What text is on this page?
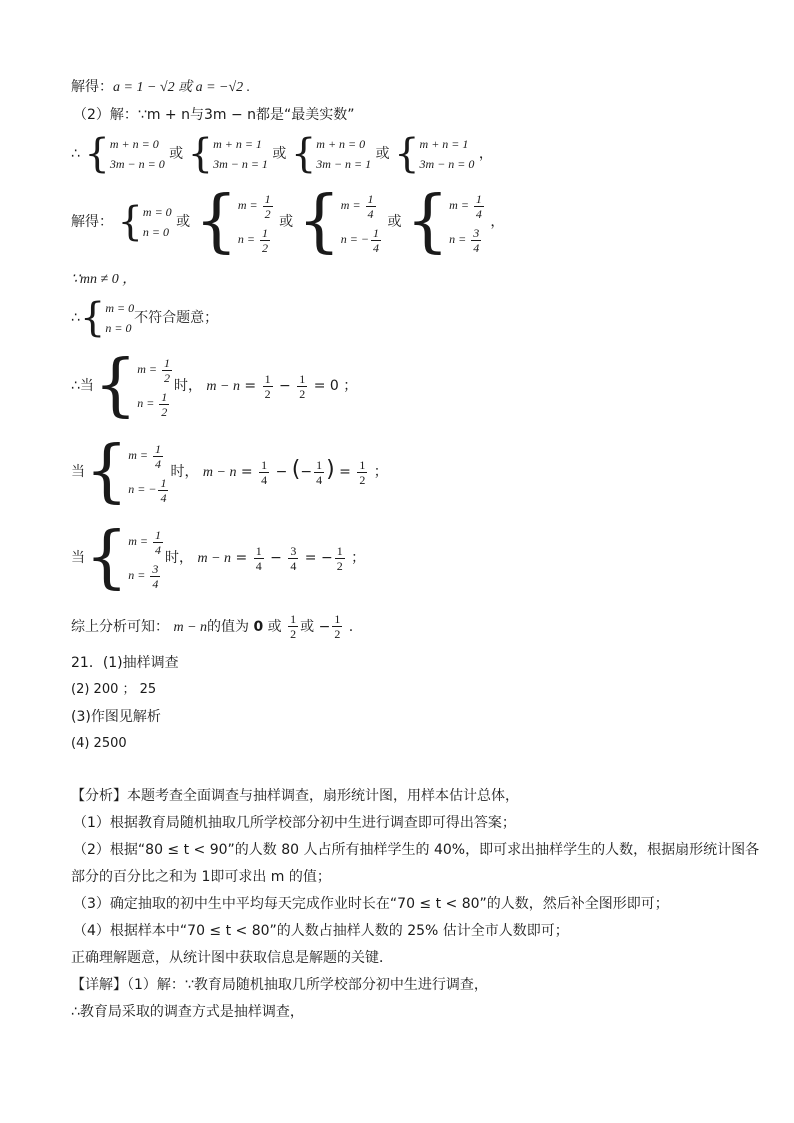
解得：a = 1 − √2 或 a = −√2 .
（2）解：∵m + n与3m − n都是“最美实数”
∴ { m + n = 0
3m − n = 0
或 { m + n = 1
3m − n = 1
或 { m + n = 0
3m − n = 1
或 { m + n = 1
3m − n = 0
，
解得： { m = 0
n = 0
或 { $m = \frac{1}{2}$
$n = \frac{1}{2}$
或 { $m = \frac{1}{4}$
n = − $\frac{1}{4}$
或 { $m = \frac{1}{4}$
$n = \frac{3}{4}$
，
∵mn ≠ 0 ，
∴{ m = 0
n = 0
不符合题意；
∴当{ $m = \frac{1}{2}$
$n = \frac{1}{2}$
时， $m - n = \frac{1}{2} - \frac{1}{2} = 0$ ；
当{ $m = \frac{1}{4}$
n = − $\frac{1}{4}$
时， $m - n = \frac{1}{4}$ − (− $\frac{1}{4}$ ) = $\frac{1}{2}$ ；
当{ $m = \frac{1}{4}$
$n = \frac{3}{4}$
时， $m - n = \frac{1}{4} - \frac{3}{4}$ = − $\frac{1}{2}$ ；
综上分析可知： m − n的值为 0 或 $\frac{1}{2}$ 或 − $\frac{1}{2}$ .
21．(1)抽样调查
(2) 200 ； 25
(3)作图见解析
(4) 2500
【分析】本题考查全面调查与抽样调查，扇形统计图，用样本估计总体，
（1）根据教育局随机抽取几所学校部分初中生进行调查即可得出答案；
（2）根据“80 ≤ t < 90”的人数 80 人占所有抽样学生的 40%，即可求出抽样学生的人数，根据扇形统计图各
部分的百分比之和为 1即可求出 m 的值；
（3）确定抽取的初中生中平均每天完成作业时长在“70 ≤ t < 80”的人数，然后补全图形即可；
（4）根据样本中“70 ≤ t < 80”的人数占抽样人数的 25% 估计全市人数即可；
正确理解题意，从统计图中获取信息是解题的关键．
【详解】（1）解：∵教育局随机抽取几所学校部分初中生进行调查，
∴教育局采取的调查方式是抽样调查，
